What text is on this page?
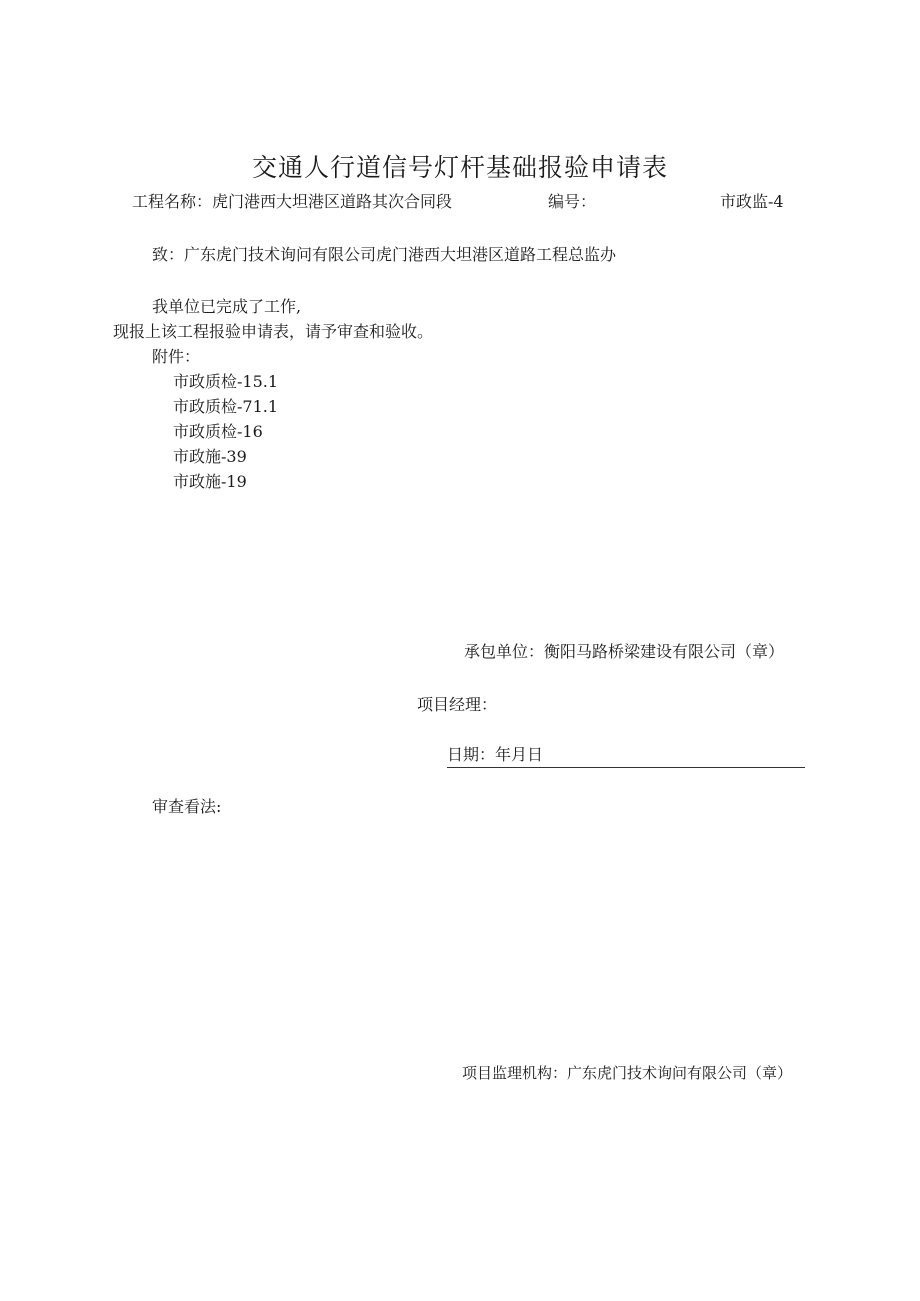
交通人行道信号灯杆基础报验申请表
工程名称：虎门港西大坦港区道路其次合同段	编号：	市政监-4
致：广东虎门技术询问有限公司虎门港西大坦港区道路工程总监办
我单位已完成了工作,
现报上该工程报验申请表，请予审查和验收。
附件：
市政质检-15.1
市政质检-71.1
市政质检-16
市政施-39
市政施-19
承包单位：衡阳马路桥梁建设有限公司（章）
项目经理：
日期：年月日
审查看法:
项目监理机构：广东虎门技术询问有限公司（章）
